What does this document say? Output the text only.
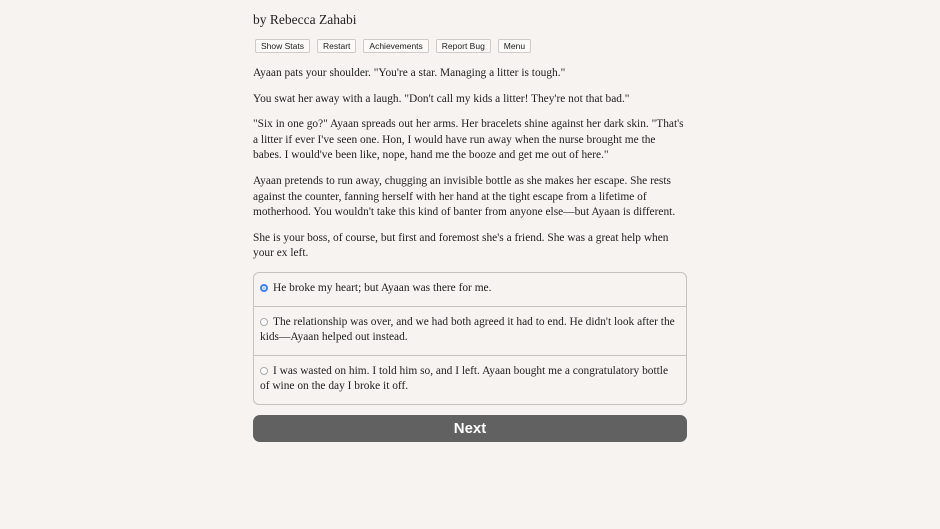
by Rebecca Zahabi
Show Stats	Restart	Achievements	Report Bug	Menu

Ayaan pats your shoulder. "You're a star. Managing a litter is tough."

You swat her away with a laugh. "Don't call my kids a litter! They're not that bad."

"Six in one go?" Ayaan spreads out her arms. Her bracelets shine against her dark skin. "That's a litter if ever I've seen one. Hon, I would have run away when the nurse brought me the babes. I would've been like, nope, hand me the booze and get me out of here."

Ayaan pretends to run away, chugging an invisible bottle as she makes her escape. She rests against the counter, fanning herself with her hand at the tight escape from a lifetime of motherhood. You wouldn't take this kind of banter from anyone else—but Ayaan is different.

She is your boss, of course, but first and foremost she's a friend. She was a great help when your ex left.

He broke my heart; but Ayaan was there for me.
The relationship was over, and we had both agreed it had to end. He didn't look after the kids—Ayaan helped out instead.
I was wasted on him. I told him so, and I left. Ayaan bought me a congratulatory bottle of wine on the day I broke it off.
Next
